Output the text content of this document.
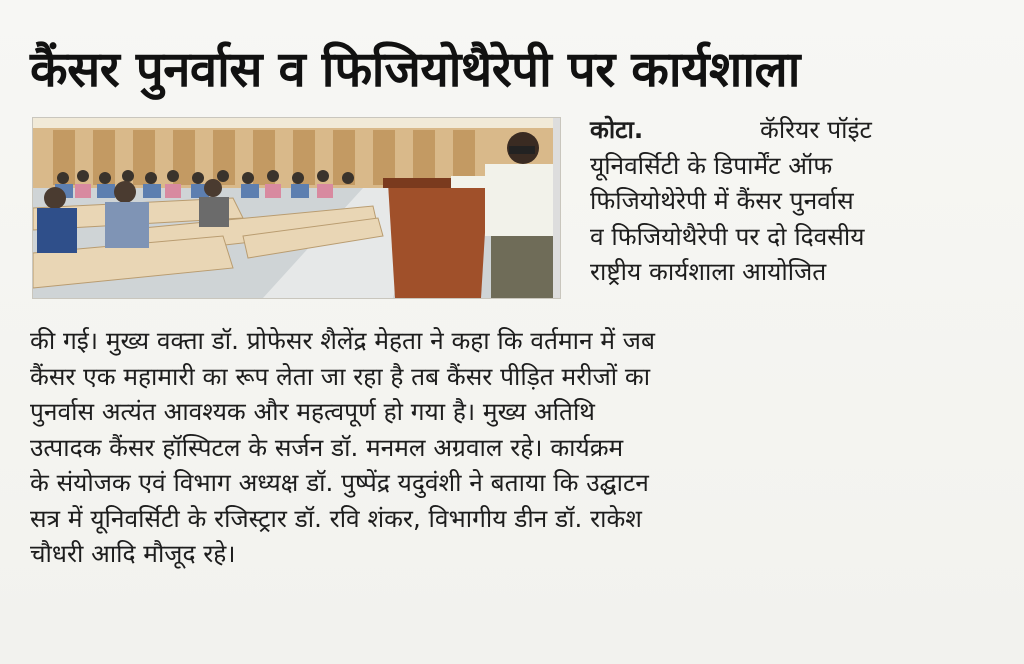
कैंसर पुनर्वास व फिजियोथैरेपी पर कार्यशाला
कोटा.	कॅरियर पॉइंट
यूनिवर्सिटी के डिपार्मेंट ऑफ
फिजियोथेरेपी में कैंसर पुनर्वास
व फिजियोथैरेपी पर दो दिवसीय
राष्ट्रीय कार्यशाला आयोजित
की गई। मुख्य वक्ता डॉ. प्रोफेसर शैलेंद्र मेहता ने कहा कि वर्तमान में जब
कैंसर एक महामारी का रूप लेता जा रहा है तब कैंसर पीड़ित मरीजों का
पुनर्वास अत्यंत आवश्यक और महत्वपूर्ण हो गया है। मुख्य अतिथि
उत्पादक कैंसर हॉस्पिटल के सर्जन डॉ. मनमल अग्रवाल रहे। कार्यक्रम
के संयोजक एवं विभाग अध्यक्ष डॉ. पुष्पेंद्र यदुवंशी ने बताया कि उद्घाटन
सत्र में यूनिवर्सिटी के रजिस्ट्रार डॉ. रवि शंकर, विभागीय डीन डॉ. राकेश
चौधरी आदि मौजूद रहे।
